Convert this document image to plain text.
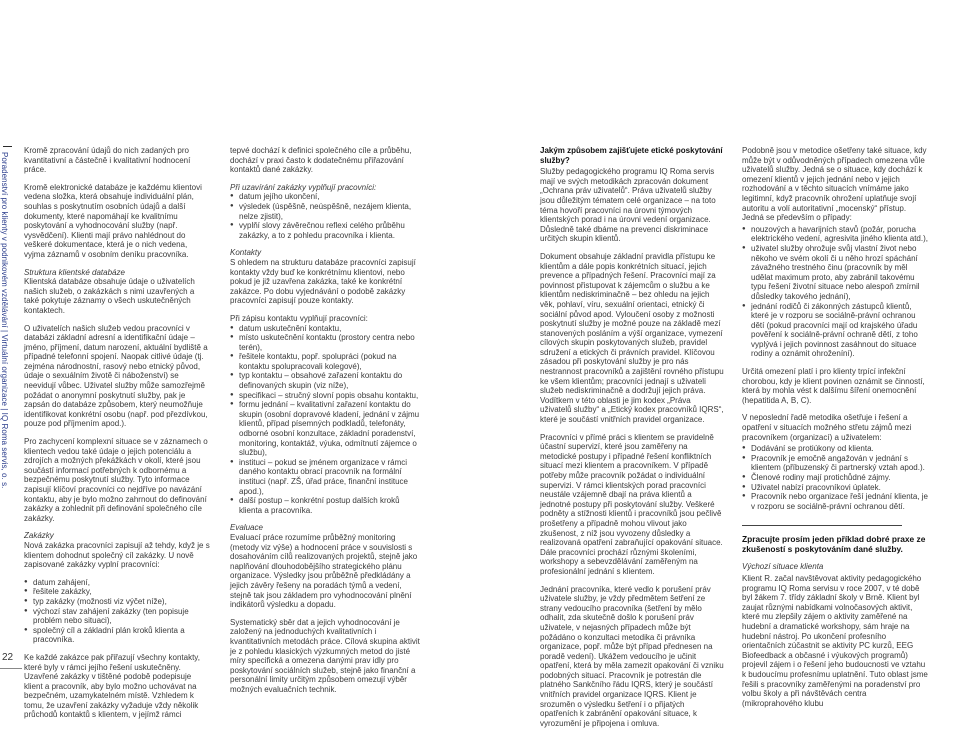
Poradenství pro klienty v podnikovém vzdělávání | Virtuální organizace | IQ Roma servis, o. s.
22

Kromě zpracování údajů do nich zadaných pro kvantitativní a částečně i kvalitativní hodnocení práce.

Kromě elektronické databáze je každému klientovi vedena složka, která obsahuje individuální plán, souhlas s poskytnutím osobních údajů a další dokumenty, které napomáhají ke kvalitnímu poskytování a vyhodnocování služby (např. vysvědčení). Klienti mají právo nahlédnout do veškeré dokumentace, která je o nich vedena, vyjma záznamů v osobním deníku pracovníka.

Struktura klientské databáze

Klientská databáze obsahuje údaje o uživatelích našich služeb, o zakázkách s nimi uzavřených a také pokytuje záznamy o všech uskutečněných kontaktech.

O uživatelích našich služeb vedou pracovníci v databázi základní adresní a identifikační údaje – jméno, příjmení, datum narození, aktuální bydliště a případné telefonní spojení. Naopak citlivé údaje (tj. zejména národnostní, rasový nebo etnický původ, údaje o sexuálním životě či náboženství) se neevidují vůbec. Uživatel služby může samozřejmě požádat o anonymní poskytnutí služby, pak je zapsán do databáze způsobem, který neumožňuje identifikovat konkrétní osobu (např. pod přezdívkou, pouze pod příjmením apod.).

Pro zachycení komplexní situace se v záznamech o klientech vedou také údaje o jejich potenciálu a zdrojích a možných překážkách v okolí, které jsou součástí informací potřebných k odbornému a bezpečnému poskytnutí služby. Tyto informace zapisují klíčoví pracovníci co nejdříve po navázání kontaktu, aby je bylo možno zahrnout do definování zakázky a zohlednit při definování společného cíle zakázky.

Zakázky

Nová zakázka pracovníci zapisují až tehdy, když je s klientem dohodnut společný cíl zakázky. U nově zapisované zakázky vyplní pracovníci:

● datum zahájení,
● řešitele zakázky,
● typ zakázky (možnosti viz výčet níže),
● výchozí stav zahájení zakázky (ten popisuje problém nebo situaci),
● společný cíl a základní plán kroků klienta a pracovníka.

Ke každé zakázce pak přiřazují všechny kontakty, které byly v rámci jejího řešení uskutečněny. Uzavřené zakázky v tištěné podobě podepisuje klient a pracovník, aby bylo možno uchovávat na bezpečném, uzamykatelném místě. Vzhledem k tomu, že uzavření zakázky vyžaduje vždy několik průchodů kontaktů s klientem, v jejímž rámci

tepvé dochází k definici společného cíle a průběhu, dochází v praxi často k dodatečnému přiřazování kontaktů dané zakázky.

Při uzavírání zakázky vyplňují pracovníci:

● datum jejího ukončení,
● výsledek (úspěšně, neúspěšně, nezájem klienta, nelze zjistit),
● vyplňí slovy závěrečnou reflexi celého průběhu zakázky, a to z pohledu pracovníka i klienta.

Kontakty

S ohledem na strukturu databáze pracovníci zapisují kontakty vždy buď ke konkrétnímu klientovi, nebo pokud je již uzavřena zakázka, také ke konkrétní zakázce. Po dobu vyjednávání o podobě zakázky pracovníci zapisují pouze kontakty.

Při zápisu kontaktu vyplňují pracovníci:

● datum uskutečnění kontaktu,
● místo uskutečnění kontaktu (prostory centra nebo terén),
● řešitele kontaktu, popř. spolupráci (pokud na kontaktu spolupracovali kolegové),
● typ kontaktu – obsahové zařazení kontaktu do definovaných skupin (viz níže),
● specifikaci – stručný slovní popis obsahu kontaktu,
● formu jednání – kvalitativní zařazení kontaktu do skupin (osobní dopravové kladení, jednání v zájmu klientů, případ písemných podkladů, telefonáty, odborné osobní konzultace, základní poradenství, monitoring, kontaktáž, výuka, odmítnutí zájemce o službu),
● instituci – pokud se jménem organizace v rámci daného kontaktu obrací pracovník na formální instituci (např. ZŠ, úřad práce, finanční instituce apod.),
● další postup – konkrétní postup dalších kroků klienta a pracovníka.

Evaluace

Evaluací práce rozumíme průběžný monitoring (metody viz výše) a hodnocení práce v souvislosti s dosahováním cílů realizovaných projektů, stejně jako naplňování dlouhodobějšího strategického plánu organizace. Výsledky jsou průběžně předkládány a jejich závěry řešeny na poradách týmů a vedení, stejně tak jsou základem pro vyhodnocování plnění indikátorů výsledku a dopadu.

Systematický sběr dat a jejich vyhodnocování je založený na jednoduchých kvalitativních i kvantitativních metodách práce. Cílová skupina aktivit je z pohledu klasických výzkumných metod do jisté míry specifická a omezena danými prav idly pro poskytování sociálních služeb, stejně jako finanční a personální limity určitým způsobem omezují výběr možných evaluačních technik.

Jakým způsobem zajišťujete etické poskytování služby?

Služby pedagogického programu IQ Roma servis mají ve svých metodikách zpracován dokument „Ochrana práv uživatelů“. Práva uživatelů služby jsou důležitým tématem celé organizace – na toto téma hovoří pracovníci na úrovni týmových klientských porad i na úrovni vedení organizace. Důsledně také dbáme na prevenci diskriminace určitých skupin klientů.

Dokument obsahuje základní pravidla přístupu ke klientům a dále popis konkrétních situací, jejich prevence a případných řešení. Pracovníci mají za povinnost přistupovat k zájemcům o službu a ke klientům nediskriminačně – bez ohledu na jejich věk, pohlaví, víru, sexuální orientaci, etnický či sociální původ apod. Vyloučení osoby z možnosti poskytnutí služby je možné pouze na základě mezí stanovených posláním a výší organizace, vymezení cílových skupin poskytovaných služeb, pravidel sdružení a etických či právních pravidel. Klíčovou zásadou při poskytování služby je pro nás nestrannost pracovníků a zajištění rovného přístupu ke všem klientům; pracovníci jednají s uživateli služeb nediskriminačně a dodržují jejich práva. Vodítkem v této oblasti je jim kodex „Práva uživatelů služby“ a „Etický kodex pracovníků IQRS“, které je součástí vnitřních pravidel organizace.

Pracovníci v přímé práci s klientem se pravidelně účastní supervizí, které jsou zaměřeny na metodické postupy i případné řešení konfliktních situací mezi klientem a pracovníkem. V případě potřeby může pracovník požádat o individuální supervizi. V rámci klientských porad pracovníci neustále vzájemně dbají na práva klientů a jednotné postupy při poskytování služby. Veškeré podněty a stížnosti klientů i pracovníků jsou pečlivě prošetřeny a případně mohou vlivout jako zkušenost, z níž jsou vyvozeny důsledky a realizovaná opatření zabraňující opakování situace. Dále pracovníci prochází různými školeními, workshopy a sebevzdělávání zaměřeným na profesionální jednání s klientem.

Jednání pracovníka, které vedlo k porušení práv uživatele služby, je vždy předmětem šetření ze strany vedoucího pracovníka (šetření by mělo odhalit, zda skutečně došlo k porušení práv uživatele, v nejasných případech může být požádáno o konzultaci metodika či právníka organizace, popř. může být případ přednesen na poradě vedení). Ukážem vedoucího je učinit opatření, která by měla zamezit opakování či vzniku podobných situací. Pracovník je potrestán dle platného Sankčního řádu IQRS, který je součástí vnitřních pravidel organizace IQRS. Klient je srozuměn o výsledku šetření i o přijatých opatřeních k zabránění opakování situace, k vyrozumění je připojena i omluva.

Podobně jsou v metodice ošetřeny také situace, kdy může být v odůvodněných případech omezena vůle uživatelů služby. Jedná se o situace, kdy dochází k omezení klientů v jejich jednání nebo v jejich rozhodování a v těchto situacích vnímáme jako legitimní, když pracovník ohrožení uplatňuje svojí autoritu a volí autoritativní „mocenský“ přístup. Jedná se především o případy:

● nouzových a havarijních stavů (požár, porucha elektrického vedení, agresivita jiného klienta atd.),
● uživatel služby ohrožuje svůj vlastní život nebo někoho ve svém okolí či u něho hrozí spáchání závažného trestného činu (pracovník by měl udělat maximum proto, aby zabránil takovému typu řešení životní situace nebo alespoň zmírnil důsledky takového jednání),
● jednání rodičů či zákonných zástupců klientů, které je v rozporu se sociálně-právní ochranou dětí (pokud pracovníci mají od krajského úřadu pověření k sociálně-právní ochraně dětí, z toho vyplývá i jejich povinnost zasáhnout do situace rodiny a oznámit ohroženíní).

Určitá omezení platí i pro klienty trpící infekční chorobou, kdy je klient povinen oznámit se činností, která by mohla vést k dalšímu šíření onemocnění (hepatitida A, B, C).

V neposlední řadě metodika ošetřuje i řešení a opatření v situacích možného střetu zájmů mezi pracovníkem (organizací) a uživatelem:

● Dodávání se protiúkony od klienta.
● Pracovník je emočně angažován v jednání s klientem (příbuzenský či partnerský vztah apod.).
● Členové rodiny mají protichůdné zájmy.
● Uživatel nabízí pracovníkovi úplatek.
● Pracovník nebo organizace řeší jednání klienta, je v rozporu se sociálně-právní ochranou dětí.

Zpracujte prosím jeden příklad dobré praxe ze zkušeností s poskytováním dané služby.

Výchozí situace klienta

Klient R. začal navštěvovat aktivity pedagogického programu IQ Roma servisu v roce 2007, v té době byl žákem 7. třídy základní školy v Brně. Klient byl zaujat různými nabídkami volnočasových aktivit, které mu zlepšily zájem o aktivity zaměřené na hudební a dramatické workshopy, sám hraje na hudební nástroj. Po ukončení profesního orientačních zúčastnit se aktivity PC kurzů, EEG Biofeedback a občasné i výukových programů) projevil zájem i o řešení jeho budoucnosti ve vztahu k budoucímu profesnímu uplatnění. Tuto oblast jsme řešili s pracovníky zaměřenými na poradenství pro volbu školy a při návštěvách centra (mikroprahového klubu
